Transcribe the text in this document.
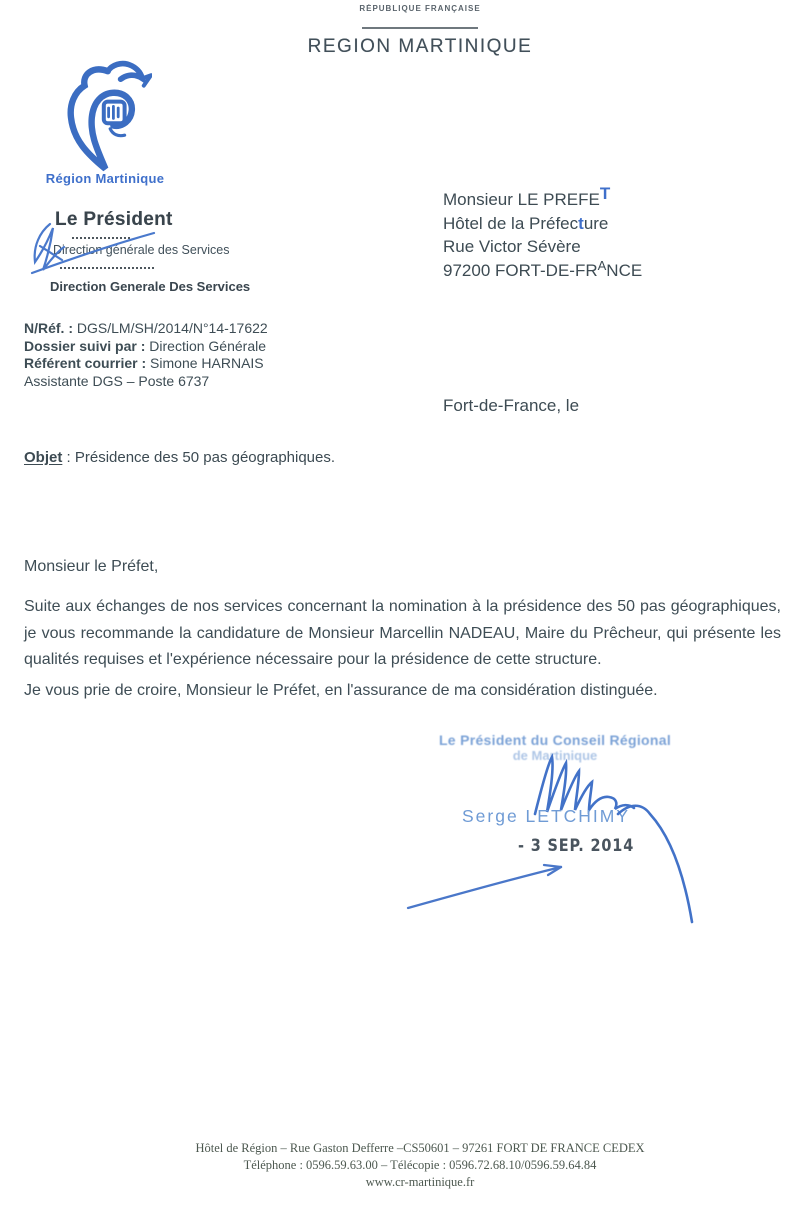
RÉPUBLIQUE FRANÇAISE
REGION MARTINIQUE
Région Martinique
Le Président
Direction générale des Services
Direction Generale Des Services
N/Réf. : DGS/LM/SH/2014/N°14-17622
Dossier suivi par : Direction Générale
Référent courrier : Simone HARNAIS
Assistante DGS – Poste 6737
Monsieur LE PREFET
Hôtel de la Préfecture
Rue Victor Sévère
97200 FORT-$DE-FR^ANCE$
Fort-de-France, le
Objet : Présidence des 50 pas géographiques.
Monsieur le Préfet,
Suite aux échanges de nos services concernant la nomination à la présidence des 50 pas géographiques, je vous recommande la candidature de Monsieur Marcellin NADEAU, Maire du Prêcheur, qui présente les qualités requises et l'expérience nécessaire pour la présidence de cette structure.
Je vous prie de croire, Monsieur le Préfet, en l'assurance de ma considération distinguée.
Le Président du Conseil Régional
de Martinique
Serge LETCHIMY
- 3 SEP. 2014
Hôtel de Région – Rue Gaston Defferre –CS50601 – 97261 FORT DE FRANCE CEDEX
Téléphone : 0596.59.63.00 – Télécopie : 0596.72.68.10/0596.59.64.84
www.cr-martinique.fr
